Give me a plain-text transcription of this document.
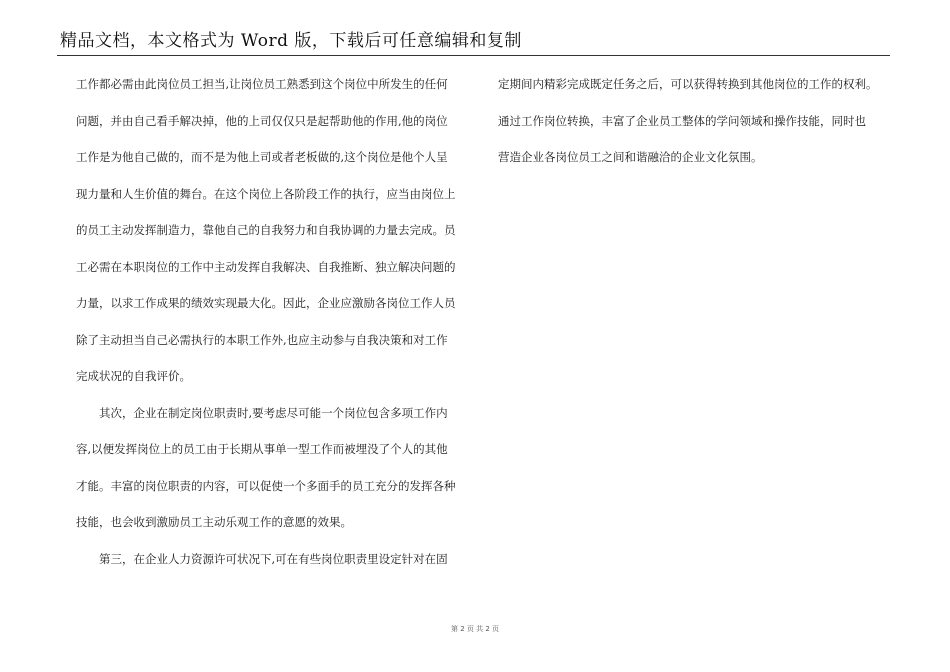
精品文档，本文格式为 Word 版，下载后可任意编辑和复制
工作都必需由此岗位员工担当,让岗位员工熟悉到这个岗位中所发生的任何
问题，并由自己看手解决掉，他的上司仅仅只是起帮助他的作用,他的岗位
工作是为他自己做的，而不是为他上司或者老板做的,这个岗位是他个人呈
现力量和人生价值的舞台。在这个岗位上各阶段工作的执行，应当由岗位上
的员工主动发挥制造力，靠他自己的自我努力和自我协调的力量去完成。员
工必需在本职岗位的工作中主动发挥自我解决、自我推断、独立解决问题的
力量，以求工作成果的绩效实现最大化。因此，企业应激励各岗位工作人员
除了主动担当自己必需执行的本职工作外,也应主动参与自我决策和对工作
完成状况的自我评价。
其次，企业在制定岗位职责时,要考虑尽可能一个岗位包含多项工作内
容,以便发挥岗位上的员工由于长期从事单一型工作而被埋没了个人的其他
才能。丰富的岗位职责的内容，可以促使一个多面手的员工充分的发挥各种
技能，也会收到激励员工主动乐观工作的意愿的效果。
第三，在企业人力资源许可状况下,可在有些岗位职责里设定针对在固
定期间内精彩完成既定任务之后，可以获得转换到其他岗位的工作的权利。
通过工作岗位转换，丰富了企业员工整体的学问领域和操作技能，同时也
营造企业各岗位员工之间和谐融洽的企业文化氛围。
第 2 页 共 2 页
